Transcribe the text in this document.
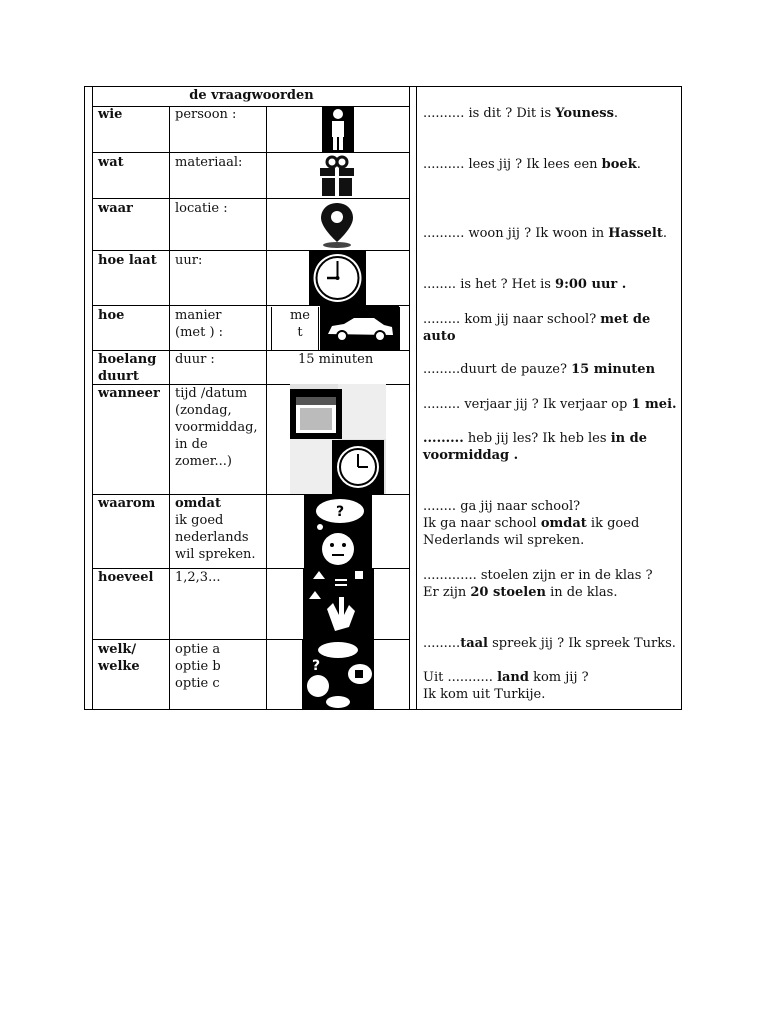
de vraagwoorden
wie
wat
waar
hoe laat
hoe
hoelang
duurt
wanneer
waarom
hoeveel
welk/
welke
persoon :
materiaal:
locatie :
uur:
manier
(met ) :
me
t
duur :	15 minuten
tijd /datum
(zondag,
voormiddag,
in de
zomer...)
omdat
ik goed
nederlands
wil spreken.
1,2,3...
optie a
optie b
optie c
?
?
.......... is dit ? Dit is Youness.
.......... lees jij ? Ik lees een boek.
.......... woon jij ? Ik woon in Hasselt.
........ is het ? Het is 9:00 uur .
......... kom jij naar school? met de auto
.........duurt de pauze? 15 minuten
......... verjaar jij ? Ik verjaar op 1 mei.
......... heb jij les? Ik heb les in de
voormiddag .
........ ga jij naar school?
Ik ga naar school omdat ik goed
Nederlands wil spreken.
............. stoelen zijn er in de klas ?
Er zijn 20 stoelen in de klas.
.........taal spreek jij ? Ik spreek Turks.
Uit ........... land kom jij ?
Ik kom uit Turkije.
